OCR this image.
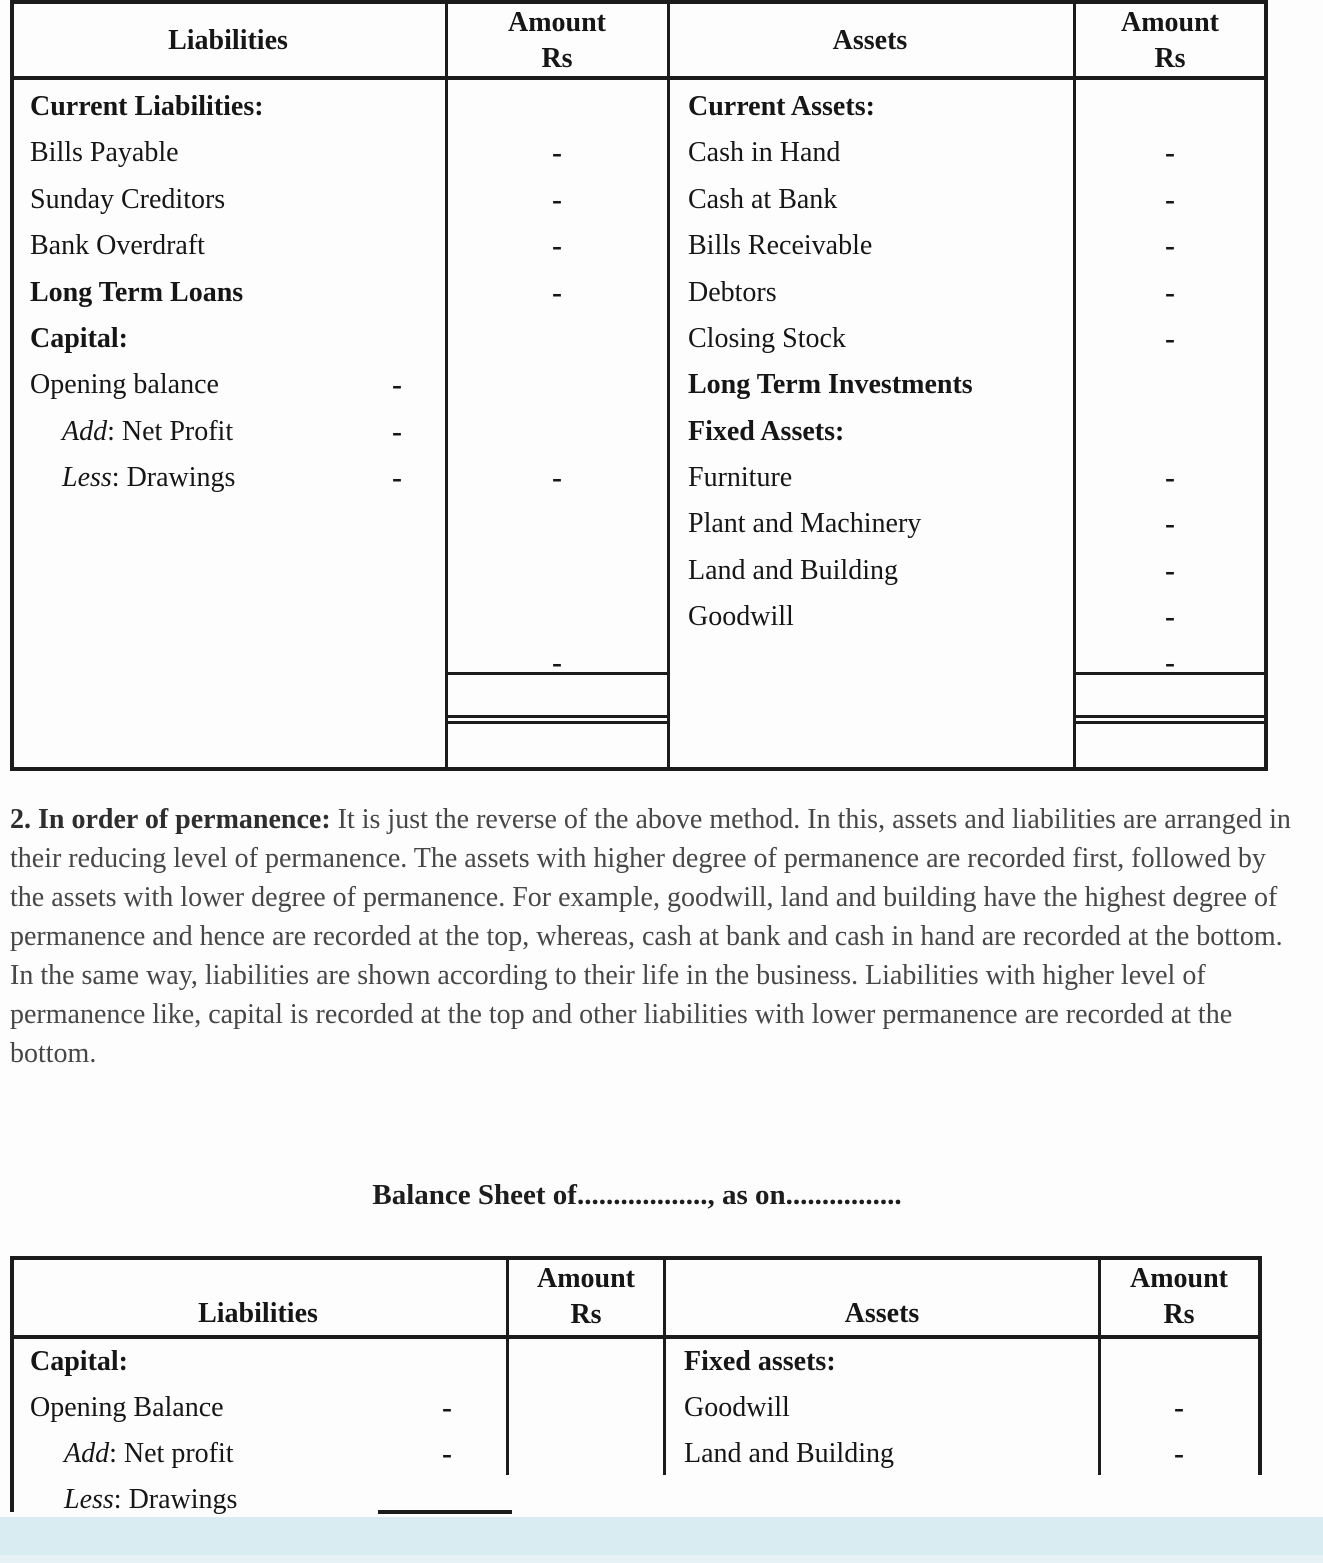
Liabilities
Amount
Rs
Assets
Amount
Rs
Current Liabilities:
Bills Payable
Sunday Creditors
Bank Overdraft
Long Term Loans
Capital:
Opening balance
Add: Net Profit
Less: Drawings
-
-
-
-
-
-
-
-
-
Current Assets:
Cash in Hand
Cash at Bank
Bills Receivable
Debtors
Closing Stock
Long Term Investments
Fixed Assets:
Furniture
Plant and Machinery
Land and Building
Goodwill
-
-
-
-
-
-
-
-
-
-
2. In order of permanence: It is just the reverse of the above method. In this, assets and liabilities are arranged in their reducing level of permanence. The assets with higher degree of permanence are recorded first, followed by the assets with lower degree of permanence. For example, goodwill, land and building have the highest degree of permanence and hence are recorded at the top, whereas, cash at bank and cash in hand are recorded at the bottom. In the same way, liabilities are shown according to their life in the business. Liabilities with higher level of permanence like, capital is recorded at the top and other liabilities with lower permanence are recorded at the bottom.
Balance Sheet of.................., as on................
Liabilities
Amount
Rs	Assets
Amount
Rs
Capital:
Opening Balance
Add: Net profit
Less: Drawings
-
-
Fixed assets:
Goodwill
Land and Building
-
-
